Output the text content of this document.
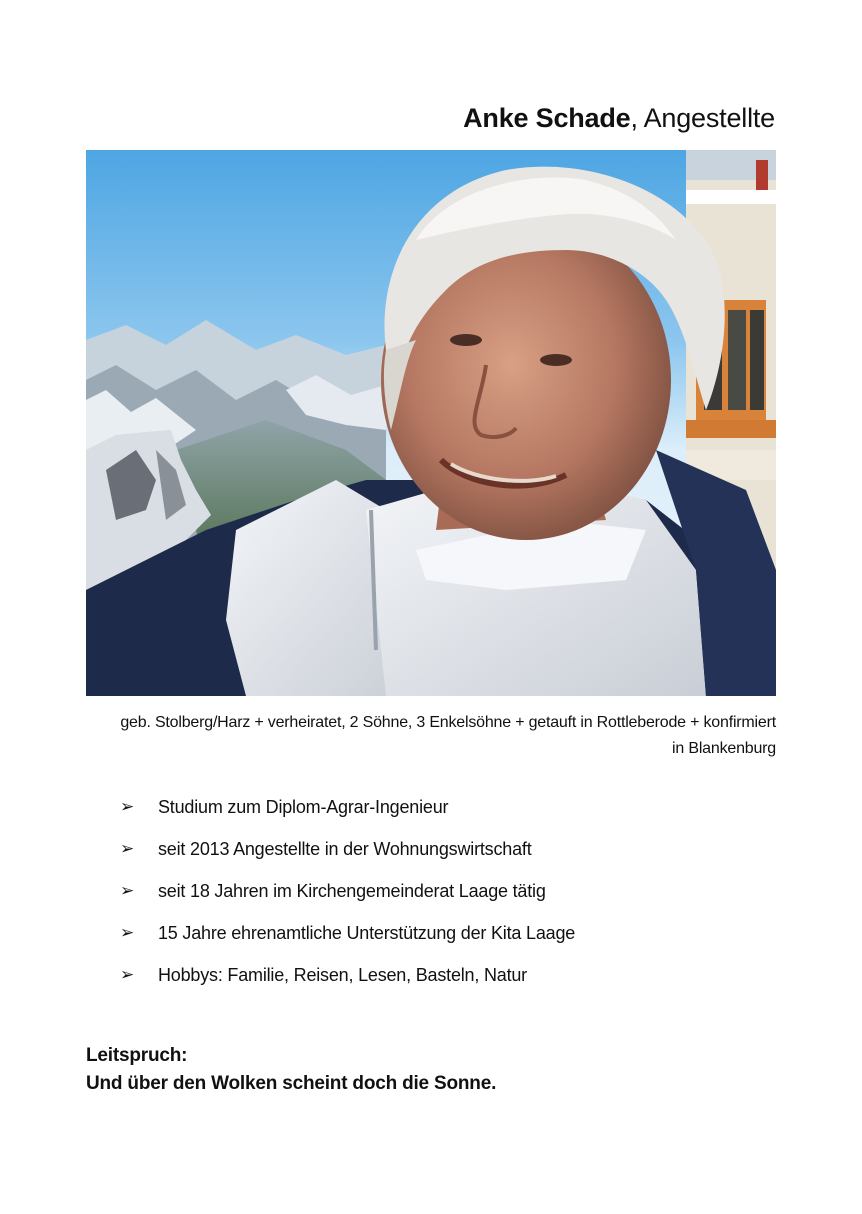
Anke Schade, Angestellte
geb. Stolberg/Harz + verheiratet, 2 Söhne, 3 Enkelsöhne + getauft in Rottleberode + konfirmiert
in Blankenburg
➢	Studium zum Diplom-Agrar-Ingenieur
➢	seit 2013 Angestellte in der Wohnungswirtschaft
➢	seit 18 Jahren im Kirchengemeinderat Laage tätig
➢	15 Jahre ehrenamtliche Unterstützung der Kita Laage
➢	Hobbys: Familie, Reisen, Lesen, Basteln, Natur
Leitspruch:
Und über den Wolken scheint doch die Sonne.
